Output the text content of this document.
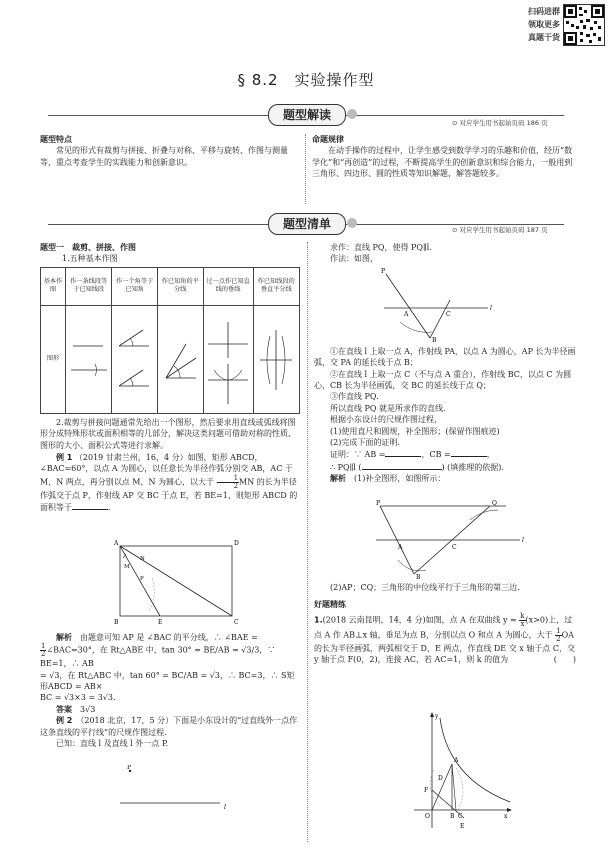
扫码进群
领取更多
真题干货
§ 8.2　实验操作型
题型解读
⊙ 对应学生用书起始页码 186 页
题型特点

常见的形式有裁剪与拼接、折叠与对称、平移与旋转、作图与测量等，重点考查学生的实践能力和创新意识。

命题规律

在动手操作的过程中，让学生感受到数学学习的乐趣和价值，经历“数学化”和“再创造”的过程，不断提高学生的创新意识和综合能力，一般用到三角形、四边形、圆的性质等知识解题，解答题较多。

题型清单	⊙ 对应学生用书起始页码 187 页
题型一　裁剪、拼接、作图
1.五种基本作图
基本作图	作一条线段等于已知线段	作一个角等于已知角	作已知角的平分线	过一点作已知直线的垂线	作已知线段的垂直平分线
图形					

2.裁剪与拼接问题通常先给出一个图形，然后要求用直线或弧线将图形分成特殊形状或面积相等的几部分，解决这类问题可借助对称的性质、图形的大小、面积公式等进行求解。

例 1 （2019 甘肃兰州，16，4 分）如图，矩形 ABCD，∠BAC=60°，以点 A 为圆心，以任意长为半径作弧分别交 AB，AC 于 M，N 两点，再分别以点 M，N 为圆心，以大于 $\frac{1}{2}$ MN 的长为半径作弧交于点 P，作射线 AP 交 BC 于点 E，若 BE=1，则矩形 ABCD 的面积等于	.

A	D
B	C
E
M
N
P

解析　 由题意可知 AP 是 ∠BAC 的平分线，∴ ∠BAE =

$\frac{1}{2}$ ∠BAC=30°，在 Rt△ABE 中，tan 30° = BE/AB = √3/3，∵ BE=1，∴ AB

= √3，在 Rt△ABC 中，tan 60° = BC/AB = √3，∴ BC=3，∴ S矩形ABCD = AB×

BC = √3×3 = 3√3.

答案　 3√3

例 2　 （2018 北京，17，5 分）下面是小东设计的“过直线外一点作这条直线的平行线”的尺规作图过程.

已知：直线 l 及直线 l 外一点 P.

P
l

求作：直线 PQ，使得 PQ∥l.

作法：如图，

P
A
B
C
l

①在直线 l 上取一点 A，作射线 PA，以点 A 为圆心，AP 长为半径画弧，交 PA 的延长线于点 B；

②在直线 l 上取一点 C（不与点 A 重合），作射线 BC，以点 C 为圆心，CB 长为半径画弧，交 BC 的延长线于点 Q；

③作直线 PQ.

所以直线 PQ 就是所求作的直线.

根据小东设计的尺规作图过程，

(1)使用直尺和圆规，补全图形；(保留作图痕迹)

(2)完成下面的证明.

证明：∵ AB =	，CB =	，

∴ PQ∥l (	) (填推理的依据).

解析　 (1)补全图形，如图所示：

P	Q
A
B
C
l

(2)AP；CQ；三角形的中位线平行于三角形的第三边.

好题精练

1.(2018 云南昆明，14，4 分)如图，点 A 在双曲线 $y = \frac{k}{x} (x>0)$上，过点 A 作 AB⊥x 轴，垂足为点 B，分别以点 O 和点 A 为圆心，大于 $\frac{1}{2}$ OA 的长为半径画弧，两弧相交于 D，E 两点，作直线 DE 交 x 轴于点 C，交 y 轴于点 F(0，2)，连接 AC，若 AC=1，则 k 的值为	(　　)

y
x
O
A
B C
D
E
F
